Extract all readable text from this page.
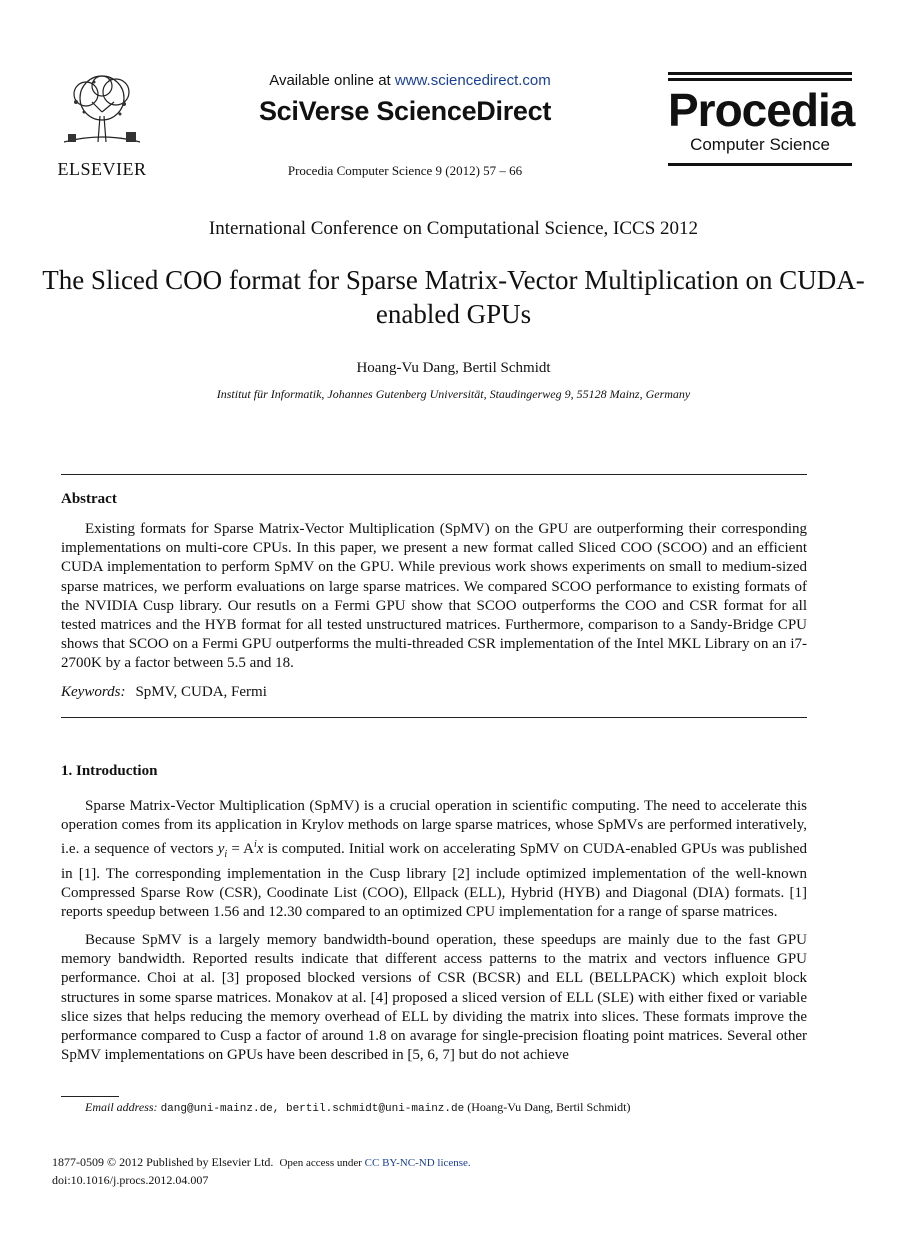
ELSEVIER
Available online at www.sciencedirect.com
SciVerse ScienceDirect
Procedia Computer Science 9 (2012) 57 – 66
Procedia
Computer Science
International Conference on Computational Science, ICCS 2012
The Sliced COO format for Sparse Matrix-Vector Multiplication on CUDA-enabled GPUs
Hoang-Vu Dang, Bertil Schmidt
Institut für Informatik, Johannes Gutenberg Universität, Staudingerweg 9, 55128 Mainz, Germany
Abstract
Existing formats for Sparse Matrix-Vector Multiplication (SpMV) on the GPU are outperforming their corresponding implementations on multi-core CPUs. In this paper, we present a new format called Sliced COO (SCOO) and an efficient CUDA implementation to perform SpMV on the GPU. While previous work shows experiments on small to medium-sized sparse matrices, we perform evaluations on large sparse matrices. We compared SCOO performance to existing formats of the NVIDIA Cusp library. Our resutls on a Fermi GPU show that SCOO outperforms the COO and CSR format for all tested matrices and the HYB format for all tested unstructured matrices. Furthermore, comparison to a Sandy-Bridge CPU shows that SCOO on a Fermi GPU outperforms the multi-threaded CSR implementation of the Intel MKL Library on an i7-2700K by a factor between 5.5 and 18.
Keywords: SpMV, CUDA, Fermi
1. Introduction
Sparse Matrix-Vector Multiplication (SpMV) is a crucial operation in scientific computing. The need to accelerate this operation comes from its application in Krylov methods on large sparse matrices, whose SpMVs are performed interatively, i.e. a sequence of vectors $y_i = A^ix$ is computed. Initial work on accelerating SpMV on CUDA-enabled GPUs was published in [1]. The corresponding implementation in the Cusp library [2] include optimized implementation of the well-known Compressed Sparse Row (CSR), Coodinate List (COO), Ellpack (ELL), Hybrid (HYB) and Diagonal (DIA) formats. [1] reports speedup between 1.56 and 12.30 compared to an optimized CPU implementation for a range of sparse matrices.
Because SpMV is a largely memory bandwidth-bound operation, these speedups are mainly due to the fast GPU memory bandwidth. Reported results indicate that different access patterns to the matrix and vectors influence GPU performance. Choi at al. [3] proposed blocked versions of CSR (BCSR) and ELL (BELLPACK) which exploit block structures in some sparse matrices. Monakov at al. [4] proposed a sliced version of ELL (SLE) with either fixed or variable slice sizes that helps reducing the memory overhead of ELL by dividing the matrix into slices. These formats improve the performance compared to Cusp a factor of around 1.8 on avarage for single-precision floating point matrices. Several other SpMV implementations on GPUs have been described in [5, 6, 7] but do not achieve
Email address: dang@uni-mainz.de, bertil.schmidt@uni-mainz.de (Hoang-Vu Dang, Bertil Schmidt)
1877-0509 © 2012 Published by Elsevier Ltd. Open access under CC BY-NC-ND license.
doi:10.1016/j.procs.2012.04.007
